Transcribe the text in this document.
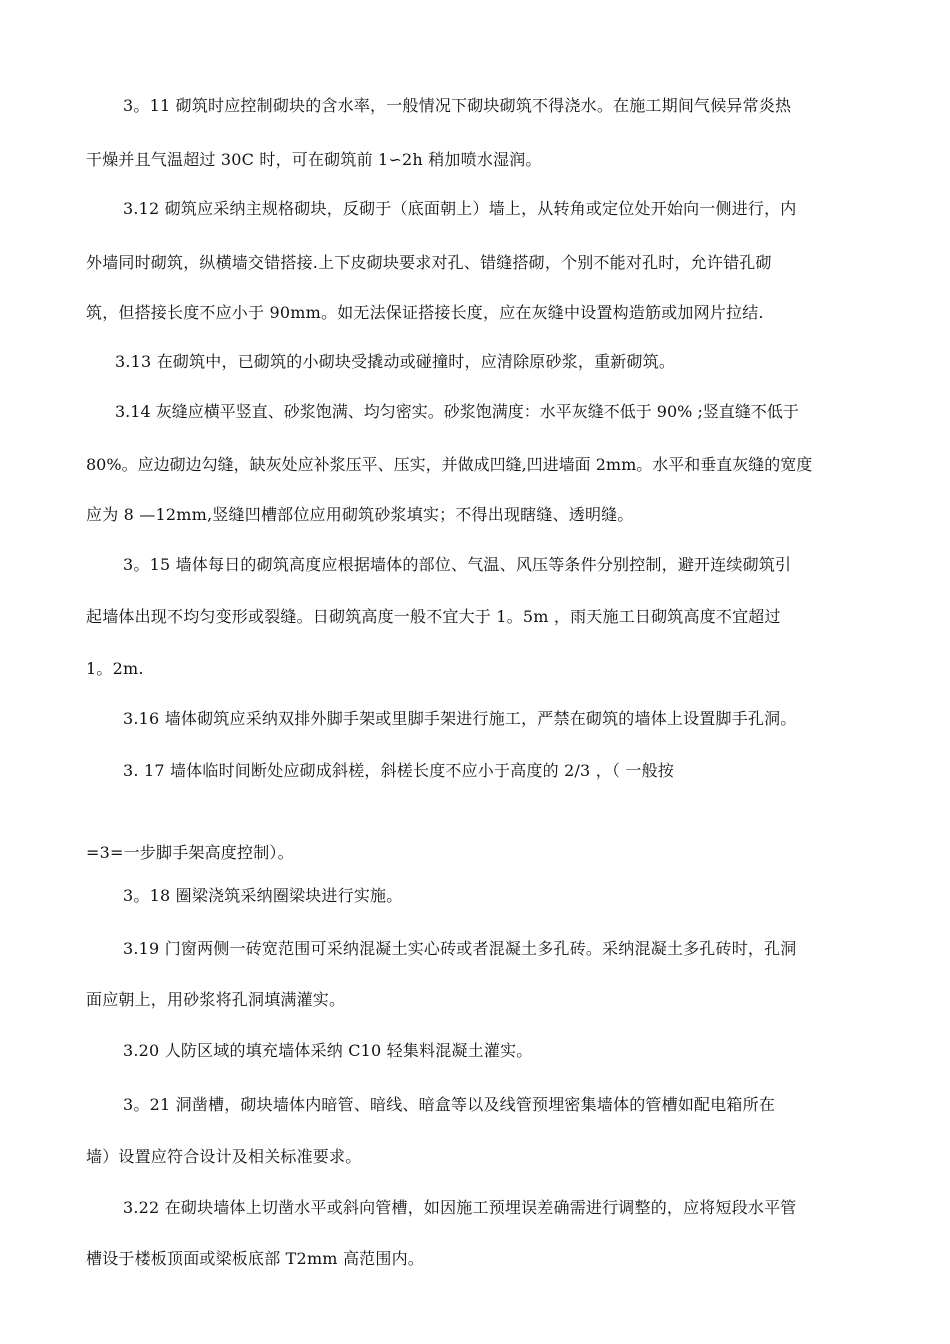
3。11 砌筑时应控制砌块的含水率，一般情况下砌块砌筑不得浇水。在施工期间气候异常炎热
干燥并且气温超过 30C 时，可在砌筑前 1∽2h 稍加喷水湿润。
3.12 砌筑应采纳主规格砌块，反砌于（底面朝上）墙上，从转角或定位处开始向一侧进行，内
外墙同时砌筑，纵横墙交错搭接.上下皮砌块要求对孔、错缝搭砌，个别不能对孔时，允许错孔砌
筑，但搭接长度不应小于 90mm。如无法保证搭接长度，应在灰缝中设置构造筋或加网片拉结.
3.13 在砌筑中，已砌筑的小砌块受撬动或碰撞时，应清除原砂浆，重新砌筑。
3.14 灰缝应横平竖直、砂浆饱满、均匀密实。砂浆饱满度：水平灰缝不低于 90% ;竖直缝不低于
80%。应边砌边勾缝，缺灰处应补浆压平、压实，并做成凹缝,凹进墙面 2mm。水平和垂直灰缝的宽度
应为 8 —12mm,竖缝凹槽部位应用砌筑砂浆填实；不得出现瞎缝、透明缝。
3。15 墙体每日的砌筑高度应根据墙体的部位、气温、风压等条件分别控制，避开连续砌筑引
起墙体出现不均匀变形或裂缝。日砌筑高度一般不宜大于 1。5m ，雨天施工日砌筑高度不宜超过
1。2m.
3.16 墙体砌筑应采纳双排外脚手架或里脚手架进行施工，严禁在砌筑的墙体上设置脚手孔洞。
3. 17 墙体临时间断处应砌成斜槎，斜槎长度不应小于高度的 2/3 ，（ 一般按
=3=一步脚手架高度控制）。
3。18 圈梁浇筑采纳圈梁块进行实施。
3.19 门窗两侧一砖宽范围可采纳混凝土实心砖或者混凝土多孔砖。采纳混凝土多孔砖时，孔洞
面应朝上，用砂浆将孔洞填满灌实。
3.20 人防区域的填充墙体采纳 C10 轻集料混凝土灌实。
3。21 洞凿槽，砌块墙体内暗管、暗线、暗盒等以及线管预埋密集墙体的管槽如配电箱所在
墙）设置应符合设计及相关标准要求。
3.22 在砌块墙体上切凿水平或斜向管槽，如因施工预埋误差确需进行调整的，应将短段水平管
槽设于楼板顶面或梁板底部 T2mm 高范围内。
